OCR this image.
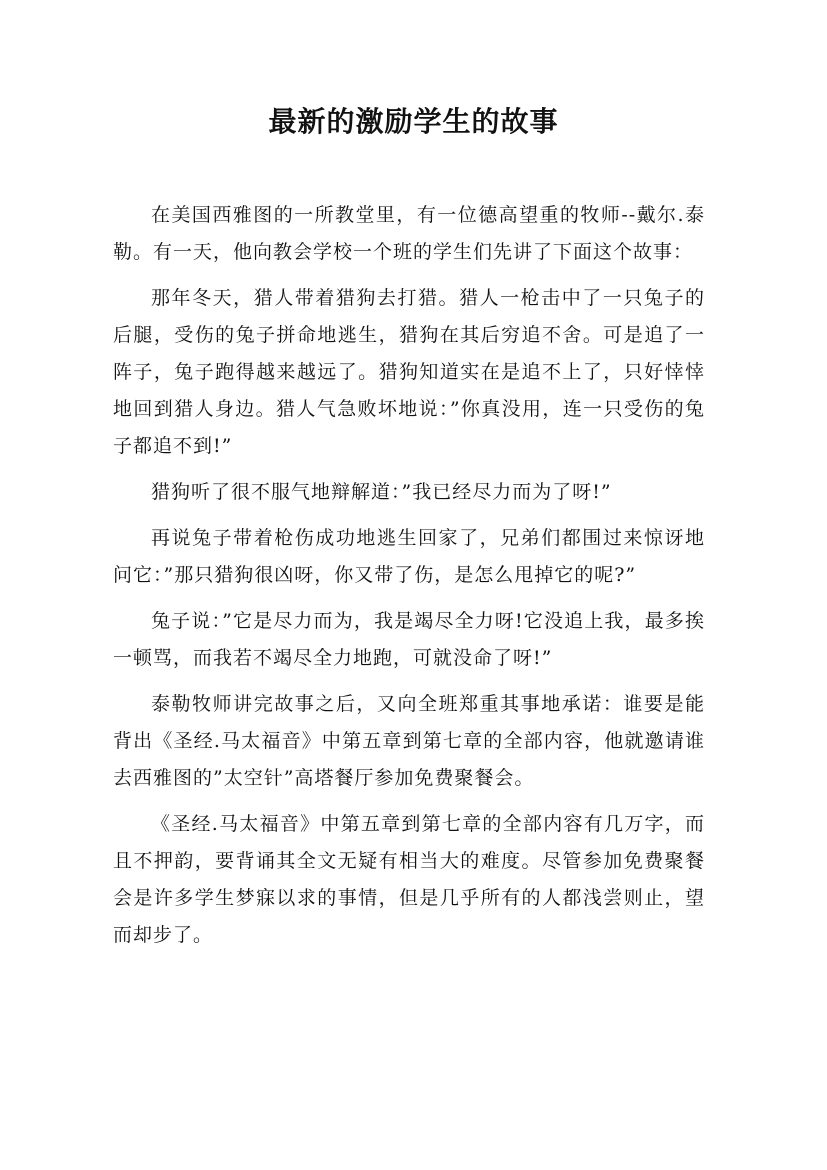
最新的激励学生的故事

在美国西雅图的一所教堂里，有一位德高望重的牧师--戴尔.泰勒。有一天，他向教会学校一个班的学生们先讲了下面这个故事：

那年冬天，猎人带着猎狗去打猎。猎人一枪击中了一只兔子的后腿，受伤的兔子拼命地逃生，猎狗在其后穷追不舍。可是追了一阵子，兔子跑得越来越远了。猎狗知道实在是追不上了，只好悻悻地回到猎人身边。猎人气急败坏地说：”你真没用，连一只受伤的兔子都追不到!”

猎狗听了很不服气地辩解道：”我已经尽力而为了呀!”

再说兔子带着枪伤成功地逃生回家了，兄弟们都围过来惊讶地问它：”那只猎狗很凶呀，你又带了伤，是怎么甩掉它的呢?”

兔子说：”它是尽力而为，我是竭尽全力呀!它没追上我，最多挨一顿骂，而我若不竭尽全力地跑，可就没命了呀!”

泰勒牧师讲完故事之后，又向全班郑重其事地承诺：谁要是能背出《圣经.马太福音》中第五章到第七章的全部内容，他就邀请谁去西雅图的”太空针”高塔餐厅参加免费聚餐会。

《圣经.马太福音》中第五章到第七章的全部内容有几万字，而且不押韵，要背诵其全文无疑有相当大的难度。尽管参加免费聚餐会是许多学生梦寐以求的事情，但是几乎所有的人都浅尝则止，望而却步了。
